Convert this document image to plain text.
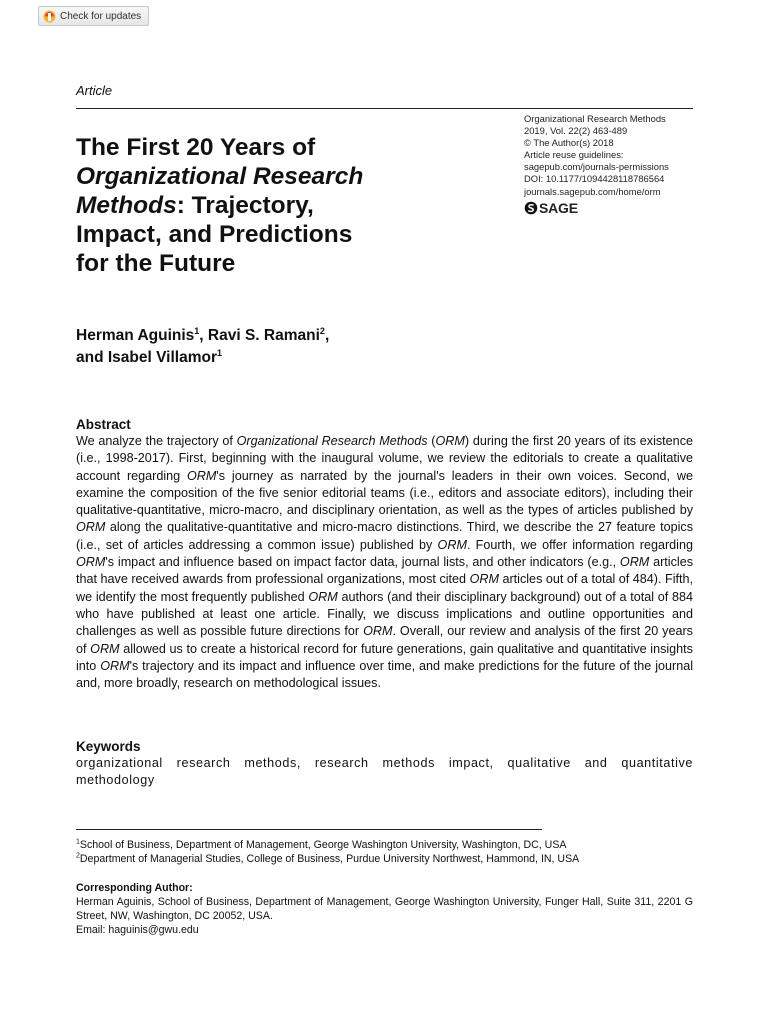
Check for updates
Article
Organizational Research Methods
2019, Vol. 22(2) 463-489
© The Author(s) 2018
Article reuse guidelines:
sagepub.com/journals-permissions
DOI: 10.1177/1094428118786564
journals.sagepub.com/home/orm
SAGE
The First 20 Years of
Organizational Research
Methods: Trajectory,
Impact, and Predictions
for the Future
Herman Aguinis$^1$, Ravi S. Ramani$^2$,
and Isabel Villamor$^1$
Abstract

We analyze the trajectory of Organizational Research Methods (ORM) during the first 20 years of its existence (i.e., 1998-2017). First, beginning with the inaugural volume, we review the editorials to create a qualitative account regarding ORM's journey as narrated by the journal's leaders in their own voices. Second, we examine the composition of the five senior editorial teams (i.e., editors and associate editors), including their qualitative-quantitative, micro-macro, and disciplinary orientation, as well as the types of articles published by ORM along the qualitative-quantitative and micro-macro distinctions. Third, we describe the 27 feature topics (i.e., set of articles addressing a common issue) published by ORM. Fourth, we offer information regarding ORM's impact and influence based on impact factor data, journal lists, and other indicators (e.g., ORM articles that have received awards from professional organizations, most cited ORM articles out of a total of 484). Fifth, we identify the most frequently published ORM authors (and their disciplinary background) out of a total of 884 who have published at least one article. Finally, we discuss implications and outline opportunities and challenges as well as possible future directions for ORM. Overall, our review and analysis of the first 20 years of ORM allowed us to create a historical record for future generations, gain qualitative and quantitative insights into ORM's trajectory and its impact and influence over time, and make predictions for the future of the journal and, more broadly, research on methodological issues.

Keywords

organizational research methods, research methods impact, qualitative and quantitative methodology

$^1$School of Business, Department of Management, George Washington University, Washington, DC, USA
$^2$Department of Managerial Studies, College of Business, Purdue University Northwest, Hammond, IN, USA
Corresponding Author:
Herman Aguinis, School of Business, Department of Management, George Washington University, Funger Hall, Suite 311, 2201 G Street, NW, Washington, DC 20052, USA.
Email: haguinis@gwu.edu
